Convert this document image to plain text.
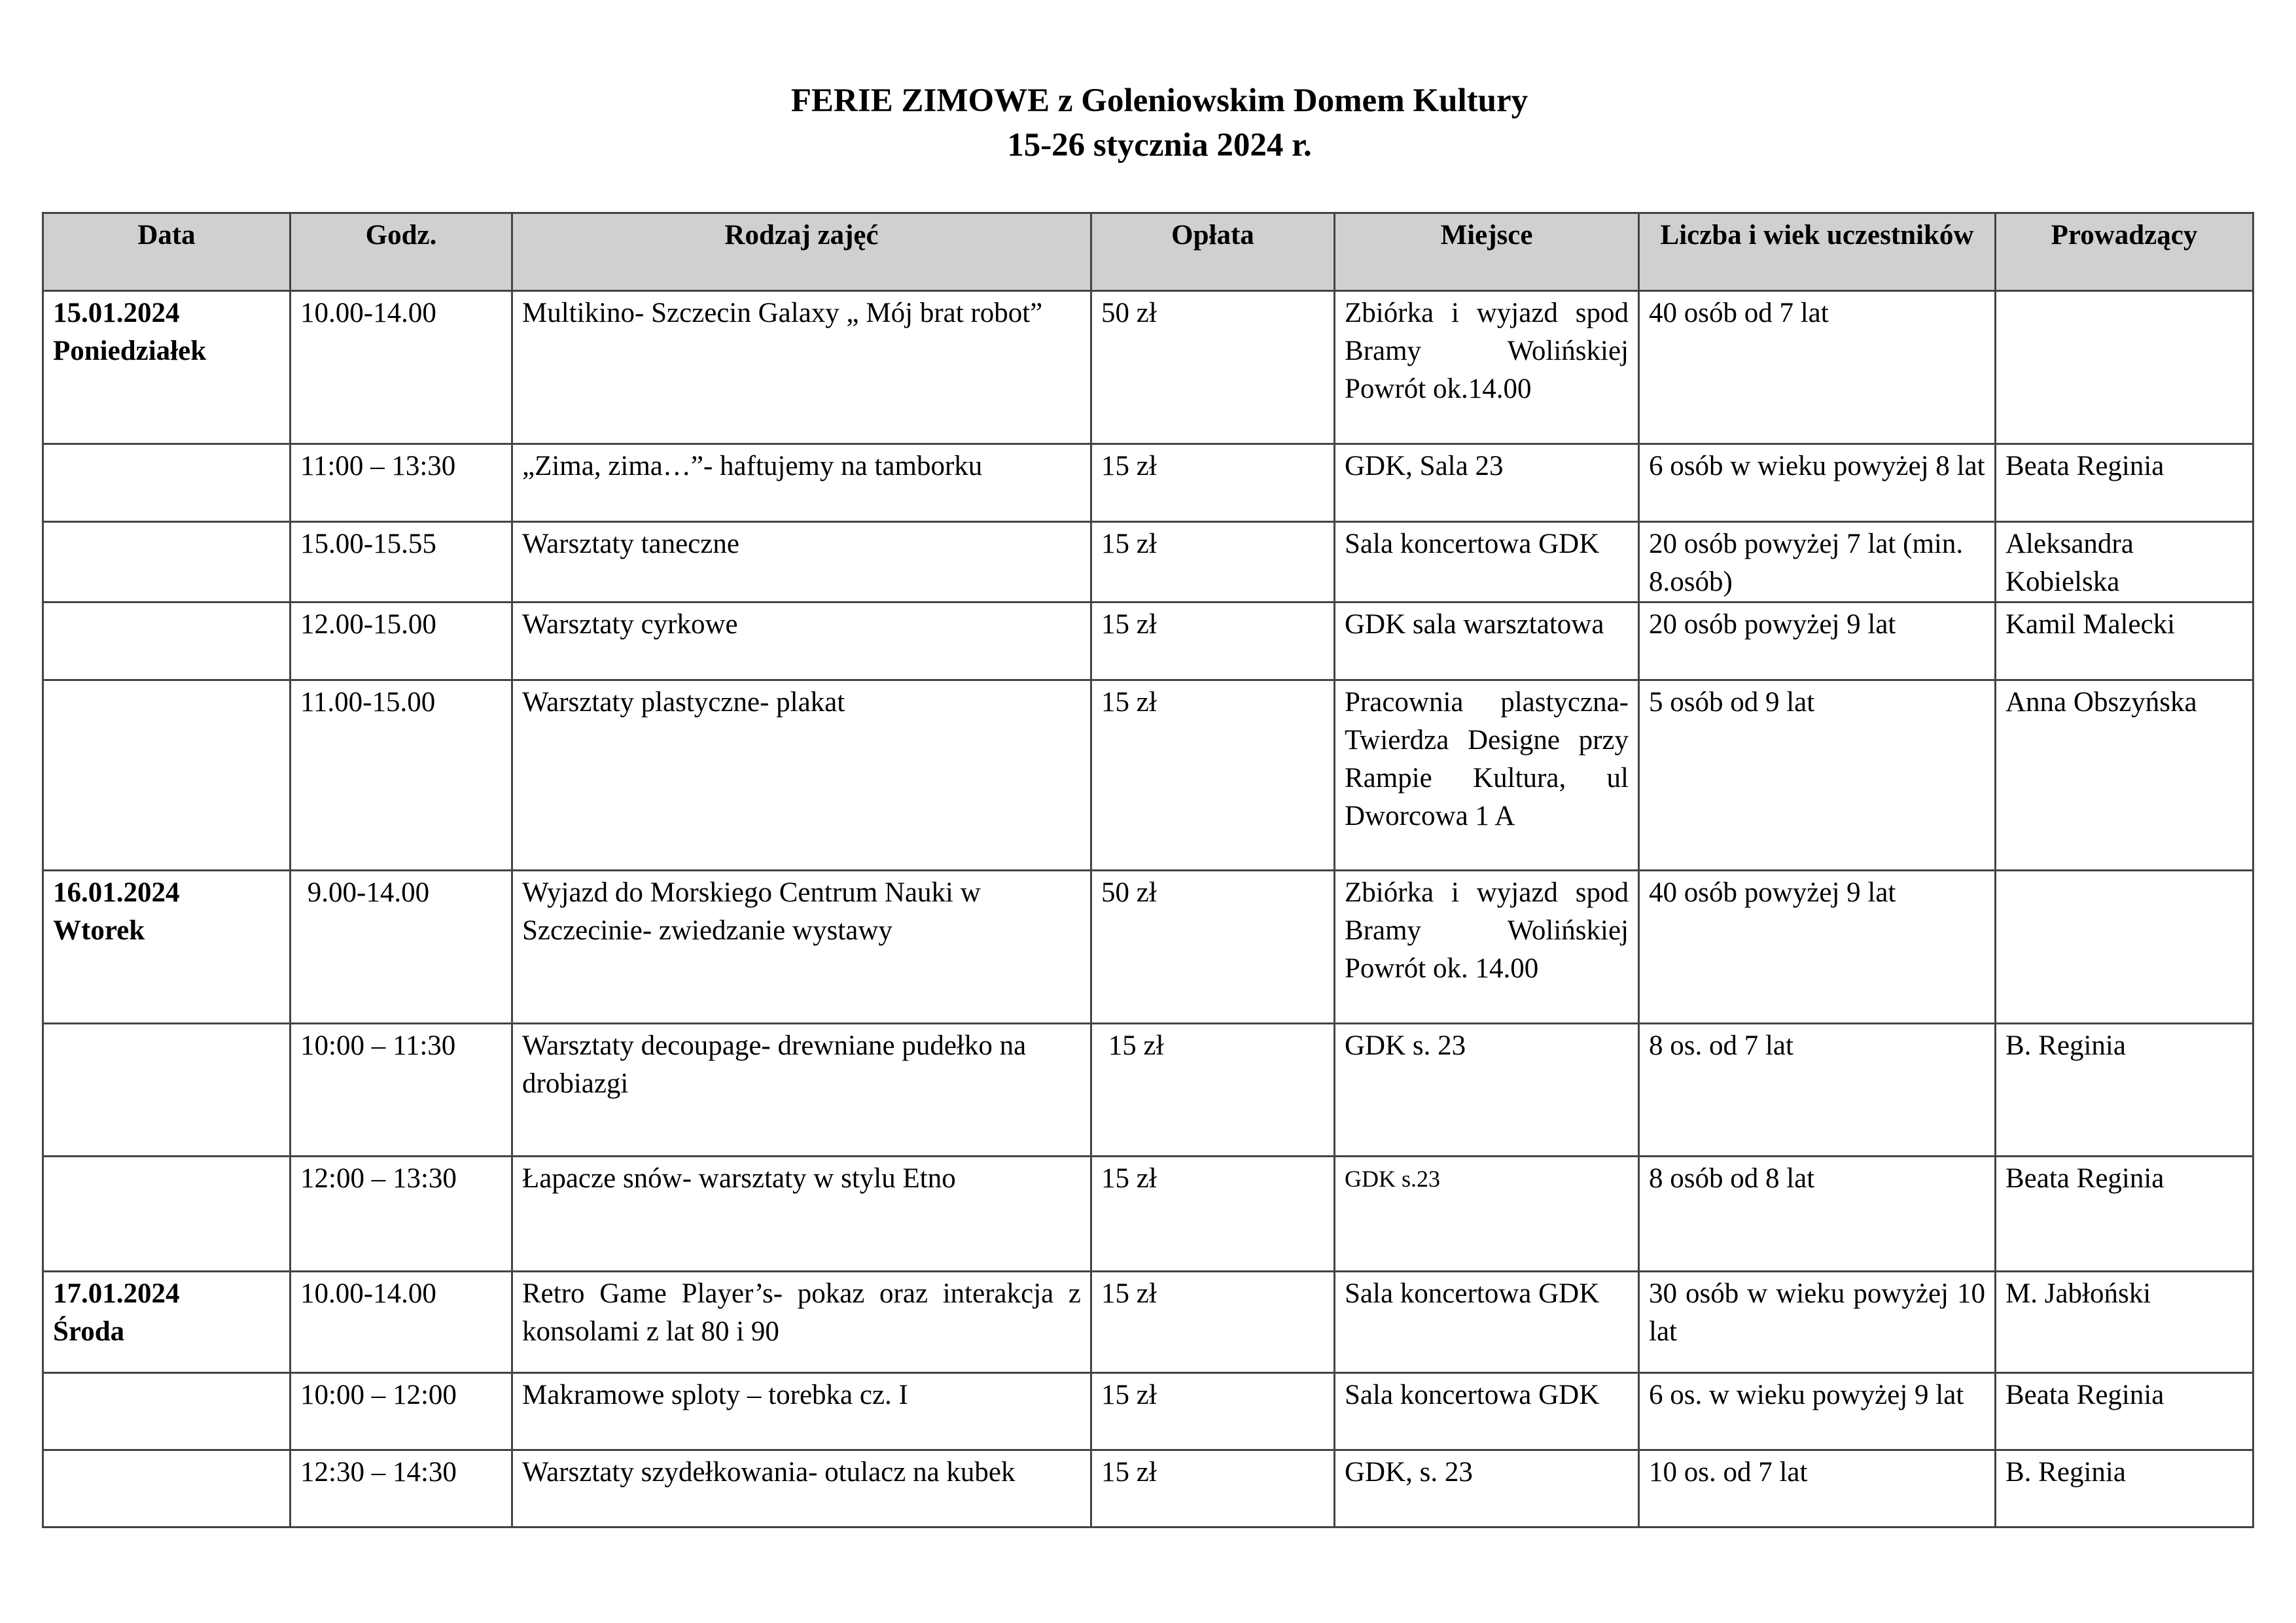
FERIE ZIMOWE z Goleniowskim Domem Kultury
15-26 stycznia 2024 r.
Data	Godz.	Rodzaj zajęć	Opłata	Miejsce	Liczba i wiek uczestników	Prowadzący

15.01.2024
Poniedziałek	10.00-14.00	Multikino- Szczecin Galaxy „ Mój brat robot”	50 zł	Zbiórka i wyjazd spod Bramy Wolińskiej Powrót ok.14.00	40 osób od 7 lat	
	11:00 – 13:30	„Zima, zima…”- haftujemy na tamborku	15 zł	GDK, Sala 23	6 osób w wieku powyżej 8 lat	Beata Reginia
	15.00-15.55	Warsztaty taneczne	15 zł	Sala koncertowa GDK	20 osób powyżej 7 lat (min. 8.osób)	Aleksandra Kobielska
	12.00-15.00	Warsztaty cyrkowe	15 zł	GDK sala warsztatowa	20 osób powyżej 9 lat	Kamil Malecki
	11.00-15.00	Warsztaty plastyczne- plakat	15 zł	Pracownia plastyczna- Twierdza Designe przy Rampie Kultura, ul Dworcowa 1 A	5 osób od 9 lat	Anna Obszyńska

16.01.2024
Wtorek	9.00-14.00	Wyjazd do Morskiego Centrum Nauki w Szczecinie- zwiedzanie wystawy	50 zł	Zbiórka i wyjazd spod Bramy Wolińskiej Powrót ok. 14.00	40 osób powyżej 9 lat	
	10:00 – 11:30	Warsztaty decoupage- drewniane pudełko na drobiazgi	15 zł	GDK s. 23	8 os. od 7 lat	B. Reginia
	12:00 – 13:30	Łapacze snów- warsztaty w stylu Etno	15 zł	GDK s.23	8 osób od 8 lat	Beata Reginia

17.01.2024
Środa	10.00-14.00	Retro Game Player’s- pokaz oraz interakcja z konsolami z lat 80 i 90	15 zł	Sala koncertowa GDK	30 osób w wieku powyżej 10 lat	M. Jabłoński
	10:00 – 12:00	Makramowe sploty – torebka cz. I	15 zł	Sala koncertowa GDK	6 os. w wieku powyżej 9 lat	Beata Reginia
	12:30 – 14:30	Warsztaty szydełkowania- otulacz na kubek	15 zł	GDK, s. 23	10 os. od 7 lat	B. Reginia
